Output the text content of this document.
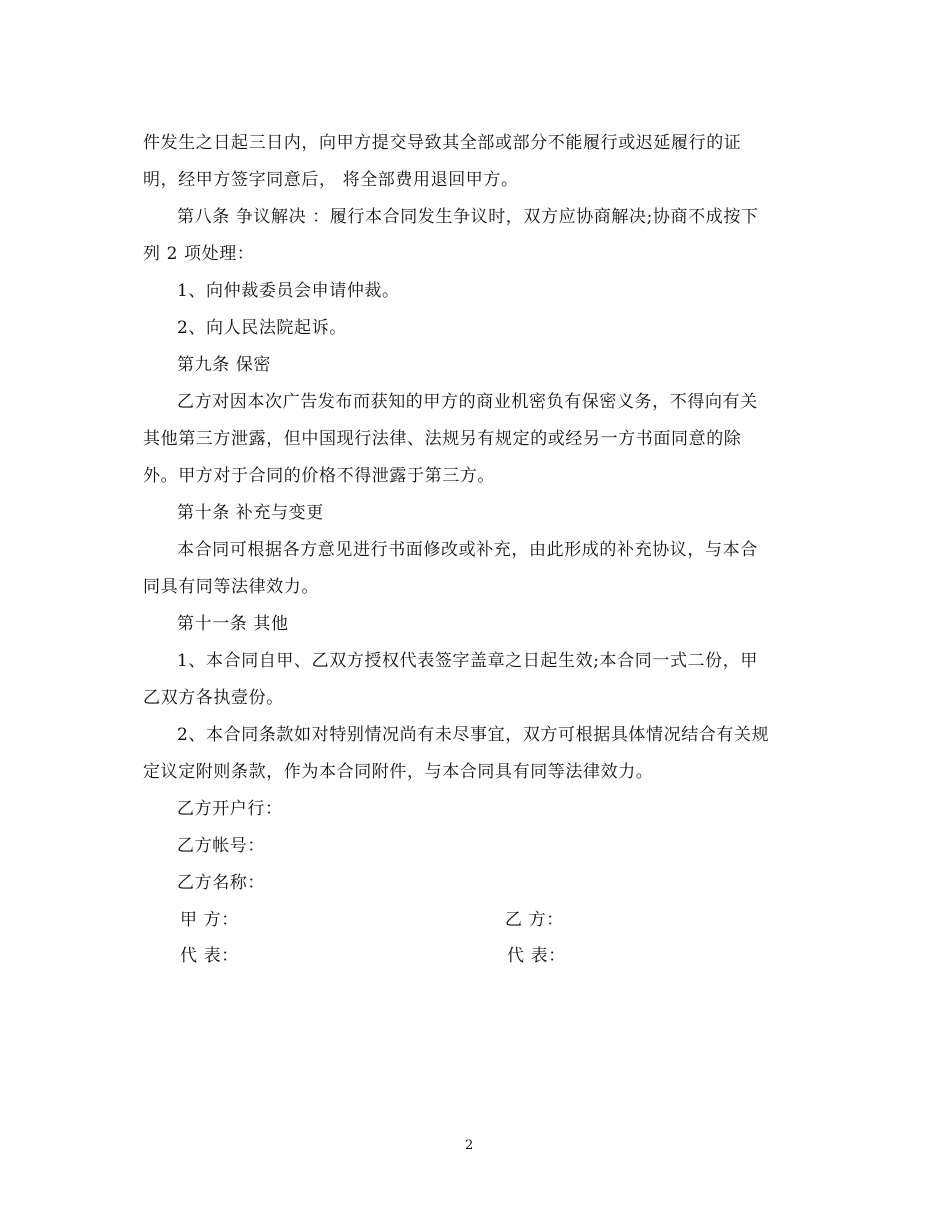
件发生之日起三日内，向甲方提交导致其全部或部分不能履行或迟延履行的证
明，经甲方签字同意后， 将全部费用退回甲方。
第八条 争议解决 ：履行本合同发生争议时，双方应协商解决;协商不成按下
列 2 项处理：
1、向仲裁委员会申请仲裁。
2、向人民法院起诉。
第九条 保密
乙方对因本次广告发布而获知的甲方的商业机密负有保密义务，不得向有关
其他第三方泄露，但中国现行法律、法规另有规定的或经另一方书面同意的除
外。甲方对于合同的价格不得泄露于第三方。
第十条 补充与变更
本合同可根据各方意见进行书面修改或补充，由此形成的补充协议，与本合
同具有同等法律效力。
第十一条 其他
1、本合同自甲、乙双方授权代表签字盖章之日起生效;本合同一式二份，甲
乙双方各执壹份。
2、本合同条款如对特别情况尚有未尽事宜，双方可根据具体情况结合有关规
定议定附则条款，作为本合同附件，与本合同具有同等法律效力。
乙方开户行：
乙方帐号：
乙方名称：
甲 方：	乙 方：
代 表：	代 表：
2
